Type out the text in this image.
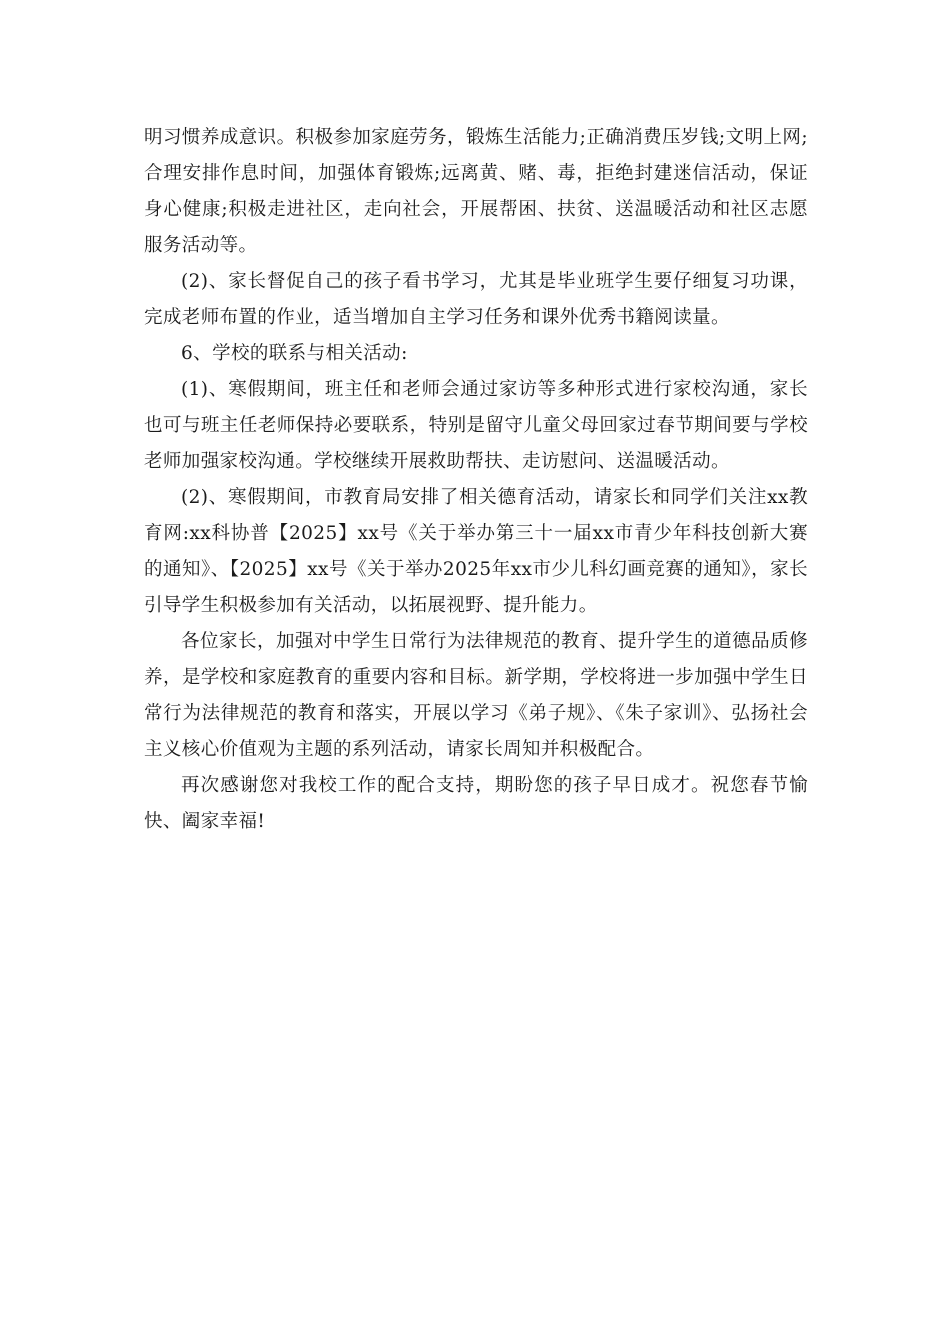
明习惯养成意识。积极参加家庭劳务，锻炼生活能力;正确消费压岁钱;文明上网;合理安排作息时间，加强体育锻炼;远离黄、赌、毒，拒绝封建迷信活动，保证身心健康;积极走进社区，走向社会，开展帮困、扶贫、送温暖活动和社区志愿服务活动等。

(2)、家长督促自己的孩子看书学习，尤其是毕业班学生要仔细复习功课，完成老师布置的作业，适当增加自主学习任务和课外优秀书籍阅读量。

6、学校的联系与相关活动:

(1)、寒假期间，班主任和老师会通过家访等多种形式进行家校沟通，家长也可与班主任老师保持必要联系，特别是留守儿童父母回家过春节期间要与学校老师加强家校沟通。学校继续开展救助帮扶、走访慰问、送温暖活动。

(2)、寒假期间，市教育局安排了相关德育活动，请家长和同学们关注xx教育网:xx科协普【2025】xx号《关于举办第三十一届xx市青少年科技创新大赛的通知》、【2025】xx号《关于举办2025年xx市少儿科幻画竞赛的通知》，家长引导学生积极参加有关活动，以拓展视野、提升能力。

各位家长，加强对中学生日常行为法律规范的教育、提升学生的道德品质修养，是学校和家庭教育的重要内容和目标。新学期，学校将进一步加强中学生日常行为法律规范的教育和落实，开展以学习《弟子规》、《朱子家训》、弘扬社会主义核心价值观为主题的系列活动，请家长周知并积极配合。

再次感谢您对我校工作的配合支持，期盼您的孩子早日成才。祝您春节愉快、阖家幸福!
